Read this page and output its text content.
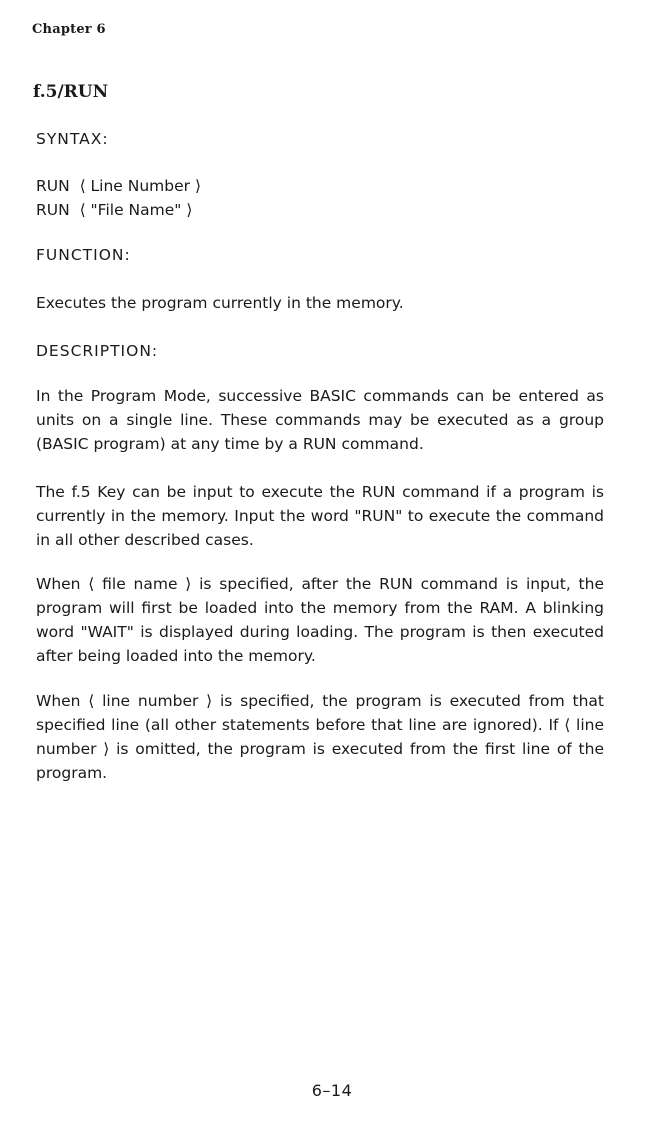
Chapter 6
f.5/RUN
SYNTAX:
RUN  ⟨ Line Number ⟩
RUN  ⟨ "File Name" ⟩
FUNCTION:
Executes the program currently in the memory.
DESCRIPTION:
In the Program Mode, successive BASIC commands can be entered as units on a single line. These commands may be executed as a group (BASIC program) at any time by a RUN command.
The f.5 Key can be input to execute the RUN command if a program is currently in the memory. Input the word "RUN" to execute the command in all other described cases.
When ⟨ file name ⟩ is specified, after the RUN command is input, the program will first be loaded into the memory from the RAM. A blinking word "WAIT" is displayed during loading. The program is then executed after being loaded into the memory.
When ⟨ line number ⟩ is specified, the program is executed from that specified line (all other statements before that line are ignored). If ⟨ line number ⟩ is omitted, the program is executed from the first line of the program.
6–14
